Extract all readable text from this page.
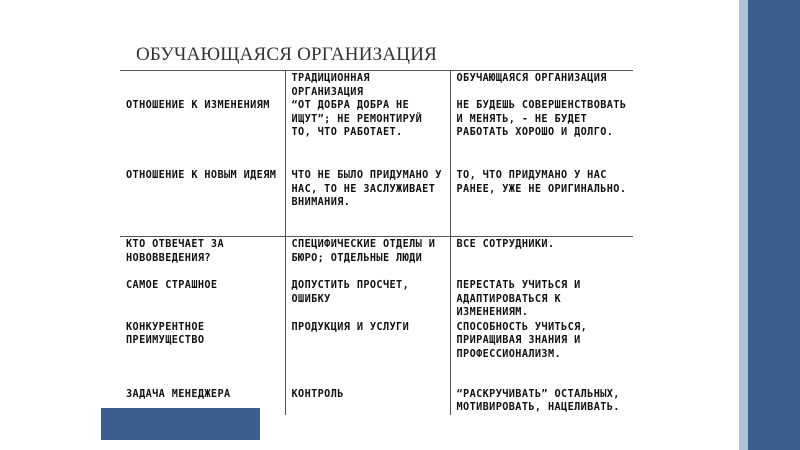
ОБУЧАЮЩАЯСЯ ОРГАНИЗАЦИЯ
	ТРАДИЦИОННАЯ ОРГАНИЗАЦИЯ	ОБУЧАЮЩАЯСЯ ОРГАНИЗАЦИЯ
ОТНОШЕНИЕ К ИЗМЕНЕНИЯМ	“ОТ ДОБРА ДОБРА НЕ ИЩУТ”; НЕ РЕМОНТИРУЙ ТО, ЧТО РАБОТАЕТ.	НЕ БУДЕШЬ СОВЕРШЕНСТВОВАТЬ И МЕНЯТЬ, - НЕ БУДЕТ РАБОТАТЬ ХОРОШО И ДОЛГО.
ОТНОШЕНИЕ К НОВЫМ ИДЕЯМ	ЧТО НЕ БЫЛО ПРИДУМАНО У НАС, ТО НЕ ЗАСЛУЖИВАЕТ ВНИМАНИЯ.	ТО, ЧТО ПРИДУМАНО У НАС РАНЕЕ, УЖЕ НЕ ОРИГИНАЛЬНО.
КТО ОТВЕЧАЕТ ЗА НОВОВВЕДЕНИЯ?	СПЕЦИФИЧЕСКИЕ ОТДЕЛЫ И БЮРО; ОТДЕЛЬНЫЕ ЛЮДИ	ВСЕ СОТРУДНИКИ.
САМОЕ СТРАШНОЕ	ДОПУСТИТЬ ПРОСЧЕТ, ОШИБКУ	ПЕРЕСТАТЬ УЧИТЬСЯ И АДАПТИРОВАТЬСЯ К ИЗМЕНЕНИЯМ.
КОНКУРЕНТНОЕ ПРЕИМУЩЕСТВО	ПРОДУКЦИЯ И УСЛУГИ	СПОСОБНОСТЬ УЧИТЬСЯ, ПРИРАЩИВАЯ ЗНАНИЯ И ПРОФЕССИОНАЛИЗМ.
ЗАДАЧА МЕНЕДЖЕРА	КОНТРОЛЬ	“РАСКРУЧИВАТЬ” ОСТАЛЬНЫХ, МОТИВИРОВАТЬ, НАЦЕЛИВАТЬ.
